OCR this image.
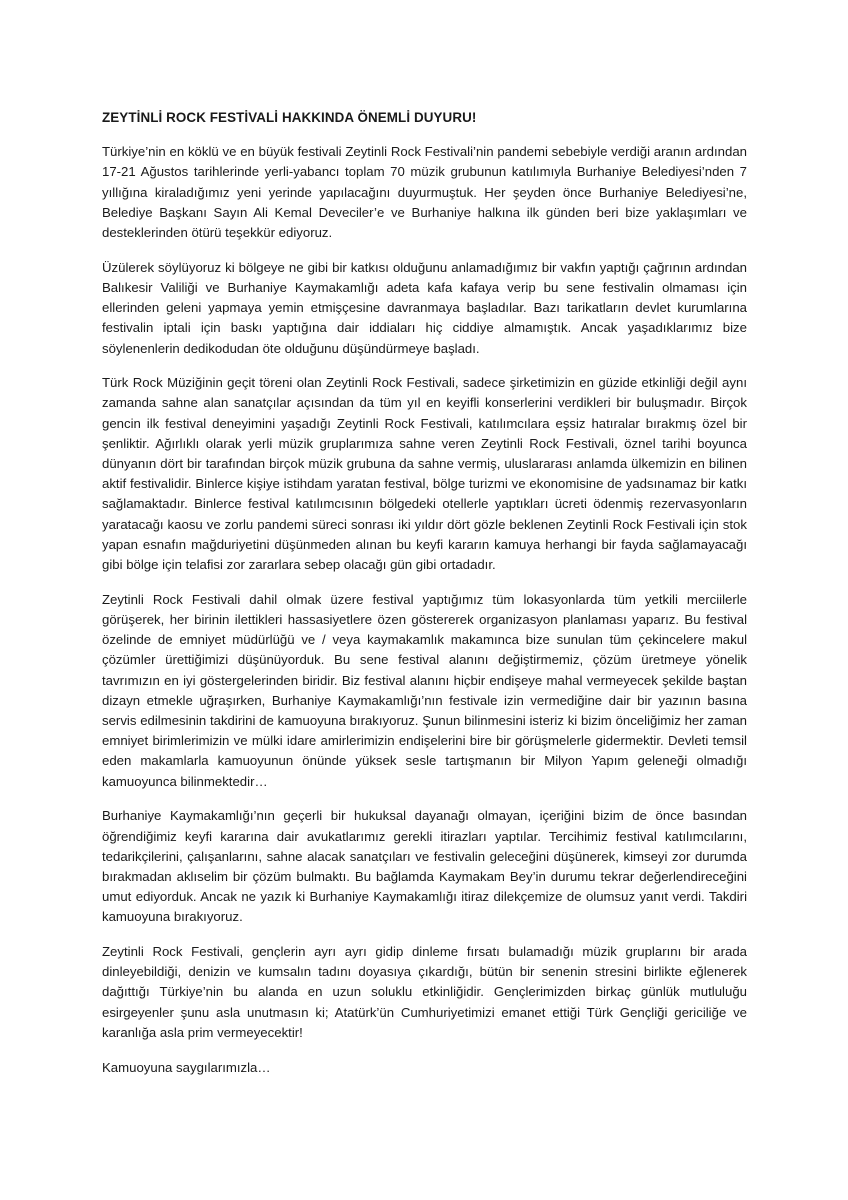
ZEYTİNLİ ROCK FESTİVALİ HAKKINDA ÖNEMLİ DUYURU!

Türkiye’nin en köklü ve en büyük festivali Zeytinli Rock Festivali’nin pandemi sebebiyle verdiği aranın ardından 17-21 Ağustos tarihlerinde yerli-yabancı toplam 70 müzik grubunun katılımıyla Burhaniye Belediyesi’nden 7 yıllığına kiraladığımız yeni yerinde yapılacağını duyurmuştuk. Her şeyden önce Burhaniye Belediyesi’ne, Belediye Başkanı Sayın Ali Kemal Deveciler’e ve Burhaniye halkına ilk günden beri bize yaklaşımları ve desteklerinden ötürü teşekkür ediyoruz.

Üzülerek söylüyoruz ki bölgeye ne gibi bir katkısı olduğunu anlamadığımız bir vakfın yaptığı çağrının ardından Balıkesir Valiliği ve Burhaniye Kaymakamlığı adeta kafa kafaya verip bu sene festivalin olmaması için ellerinden geleni yapmaya yemin etmişçesine davranmaya başladılar. Bazı tarikatların devlet kurumlarına festivalin iptali için baskı yaptığına dair iddiaları hiç ciddiye almamıştık. Ancak yaşadıklarımız bize söylenenlerin dedikodudan öte olduğunu düşündürmeye başladı.

Türk Rock Müziğinin geçit töreni olan Zeytinli Rock Festivali, sadece şirketimizin en güzide etkinliği değil aynı zamanda sahne alan sanatçılar açısından da tüm yıl en keyifli konserlerini verdikleri bir buluşmadır. Birçok gencin ilk festival deneyimini yaşadığı Zeytinli Rock Festivali, katılımcılara eşsiz hatıralar bırakmış özel bir şenliktir. Ağırlıklı olarak yerli müzik gruplarımıza sahne veren Zeytinli Rock Festivali, öznel tarihi boyunca dünyanın dört bir tarafından birçok müzik grubuna da sahne vermiş, uluslararası anlamda ülkemizin en bilinen aktif festivalidir. Binlerce kişiye istihdam yaratan festival, bölge turizmi ve ekonomisine de yadsınamaz bir katkı sağlamaktadır. Binlerce festival katılımcısının bölgedeki otellerle yaptıkları ücreti ödenmiş rezervasyonların yaratacağı kaosu ve zorlu pandemi süreci sonrası iki yıldır dört gözle beklenen Zeytinli Rock Festivali için stok yapan esnafın mağduriyetini düşünmeden alınan bu keyfi kararın kamuya herhangi bir fayda sağlamayacağı gibi bölge için telafisi zor zararlara sebep olacağı gün gibi ortadadır.

Zeytinli Rock Festivali dahil olmak üzere festival yaptığımız tüm lokasyonlarda tüm yetkili merciilerle görüşerek, her birinin ilettikleri hassasiyetlere özen göstererek organizasyon planlaması yaparız. Bu festival özelinde de emniyet müdürlüğü ve / veya kaymakamlık makamınca bize sunulan tüm çekincelere makul çözümler ürettiğimizi düşünüyorduk. Bu sene festival alanını değiştirmemiz, çözüm üretmeye yönelik tavrımızın en iyi göstergelerinden biridir. Biz festival alanını hiçbir endişeye mahal vermeyecek şekilde baştan dizayn etmekle uğraşırken, Burhaniye Kaymakamlığı’nın festivale izin vermediğine dair bir yazının basına servis edilmesinin takdirini de kamuoyuna bırakıyoruz. Şunun bilinmesini isteriz ki bizim önceliğimiz her zaman emniyet birimlerimizin ve mülki idare amirlerimizin endişelerini bire bir görüşmelerle gidermektir. Devleti temsil eden makamlarla kamuoyunun önünde yüksek sesle tartışmanın bir Milyon Yapım geleneği olmadığı kamuoyunca bilinmektedir…

Burhaniye Kaymakamlığı’nın geçerli bir hukuksal dayanağı olmayan, içeriğini bizim de önce basından öğrendiğimiz keyfi kararına dair avukatlarımız gerekli itirazları yaptılar. Tercihimiz festival katılımcılarını, tedarikçilerini, çalışanlarını, sahne alacak sanatçıları ve festivalin geleceğini düşünerek, kimseyi zor durumda bırakmadan aklıselim bir çözüm bulmaktı. Bu bağlamda Kaymakam Bey’in durumu tekrar değerlendireceğini umut ediyorduk. Ancak ne yazık ki Burhaniye Kaymakamlığı itiraz dilekçemize de olumsuz yanıt verdi. Takdiri kamuoyuna bırakıyoruz.

Zeytinli Rock Festivali, gençlerin ayrı ayrı gidip dinleme fırsatı bulamadığı müzik gruplarını bir arada dinleyebildiği, denizin ve kumsalın tadını doyasıya çıkardığı, bütün bir senenin stresini birlikte eğlenerek dağıttığı Türkiye’nin bu alanda en uzun soluklu etkinliğidir. Gençlerimizden birkaç günlük mutluluğu esirgeyenler şunu asla unutmasın ki; Atatürk’ün Cumhuriyetimizi emanet ettiği Türk Gençliği gericiliğe ve karanlığa asla prim vermeyecektir!

Kamuoyuna saygılarımızla…
